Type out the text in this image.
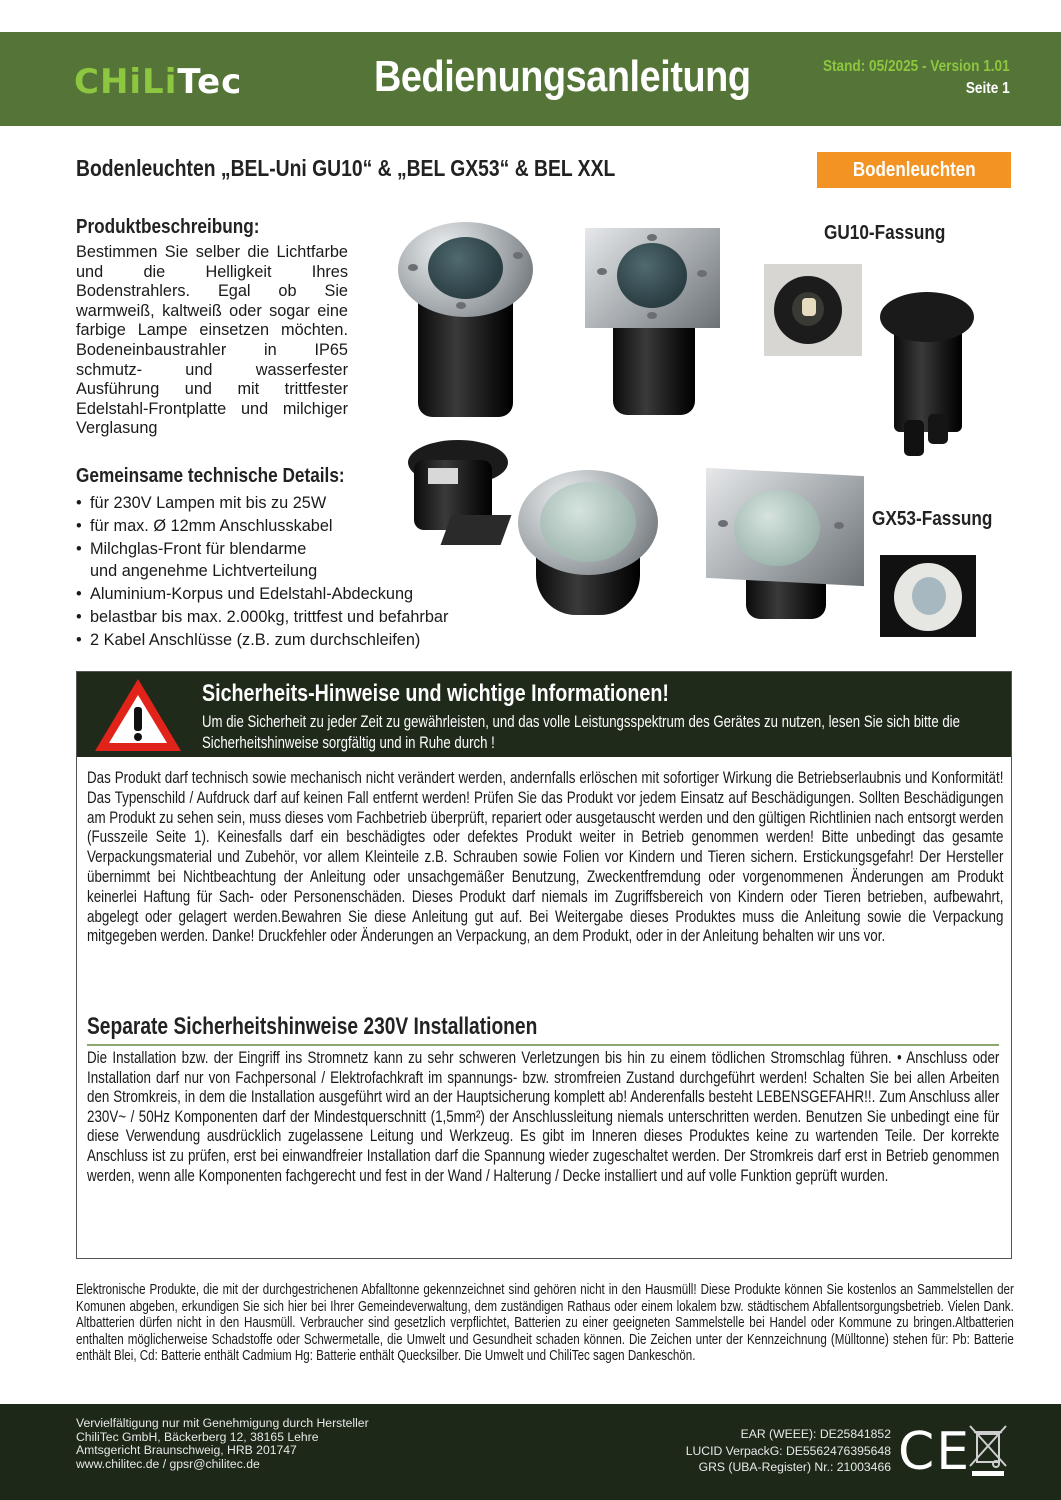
CHiLiTec	Bedienungsanleitung	Stand: 05/2025 - Version 1.01
Seite 1
Bodenleuchten „BEL-Uni GU10“ & „BEL GX53“ & BEL XXL	Bodenleuchten
Produktbeschreibung:
Bestimmen Sie selber die Lichtfarbe und die Helligkeit Ihres Bodenstrahlers. Egal ob Sie warmweiß, kaltweiß oder sogar eine farbige Lampe einsetzen möchten. Bodeneinbaustrahler in IP65 schmutz- und wasserfester Ausführung und mit trittfester Edelstahl-Frontplatte und milchiger Verglasung
Gemeinsame technische Details:
• für 230V Lampen mit bis zu 25W
• für max. Ø 12mm Anschlusskabel
• Milchglas-Front für blendarme
und angenehme Lichtverteilung
• Aluminium-Korpus und Edelstahl-Abdeckung
• belastbar bis max. 2.000kg, trittfest und befahrbar
• 2 Kabel Anschlüsse (z.B. zum durchschleifen)
GU10-Fassung
GX53-Fassung
Sicherheits-Hinweise und wichtige Informationen!
Um die Sicherheit zu jeder Zeit zu gewährleisten, und das volle Leistungsspektrum des Gerätes zu nutzen, lesen Sie sich bitte die Sicherheitshinweise sorgfältig und in Ruhe durch !
Das Produkt darf technisch sowie mechanisch nicht verändert werden, andernfalls erlöschen mit sofortiger Wirkung die Betriebserlaubnis und Konformität! Das Typenschild / Aufdruck darf auf keinen Fall entfernt werden! Prüfen Sie das Produkt vor jedem Einsatz auf Beschädigungen. Sollten Beschädigungen am Produkt zu sehen sein, muss dieses vom Fachbetrieb überprüft, repariert oder ausgetauscht werden und den gültigen Richtlinien nach entsorgt werden (Fusszeile Seite 1). Keinesfalls darf ein beschädigtes oder defektes Produkt weiter in Betrieb genommen werden! Bitte unbedingt das gesamte Verpackungsmaterial und Zubehör, vor allem Kleinteile z.B. Schrauben sowie Folien vor Kindern und Tieren sichern. Erstickungsgefahr! Der Hersteller übernimmt bei Nichtbeachtung der Anleitung oder unsachgemäßer Benutzung, Zweckentfremdung oder vorgenommenen Änderungen am Produkt keinerlei Haftung für Sach- oder Personenschäden. Dieses Produkt darf niemals im Zugriffsbereich von Kindern oder Tieren betrieben, aufbewahrt, abgelegt oder gelagert werden.Bewahren Sie diese Anleitung gut auf. Bei Weitergabe dieses Produktes muss die Anleitung sowie die Verpackung mitgegeben werden. Danke! Druckfehler oder Änderungen an Verpackung, an dem Produkt, oder in der Anleitung behalten wir uns vor.
Separate Sicherheitshinweise 230V Installationen
Die Installation bzw. der Eingriff ins Stromnetz kann zu sehr schweren Verletzungen bis hin zu einem tödlichen Stromschlag führen. • Anschluss oder Installation darf nur von Fachpersonal / Elektrofachkraft im spannungs- bzw. stromfreien Zustand durchgeführt werden! Schalten Sie bei allen Arbeiten den Stromkreis, in dem die Installation ausgeführt wird an der Hauptsicherung komplett ab! Anderenfalls besteht LEBENSGEFAHR!!. Zum Anschluss aller 230V~ / 50Hz Komponenten darf der Mindestquerschnitt (1,5mm²) der Anschlussleitung niemals unterschritten werden. Benutzen Sie unbedingt eine für diese Verwendung ausdrücklich zugelassene Leitung und Werkzeug. Es gibt im Inneren dieses Produktes keine zu wartenden Teile. Der korrekte Anschluss ist zu prüfen, erst bei einwandfreier Installation darf die Spannung wieder zugeschaltet werden. Der Stromkreis darf erst in Betrieb genommen werden, wenn alle Komponenten fachgerecht und fest in der Wand / Halterung / Decke installiert und auf volle Funktion geprüft wurden.
Elektronische Produkte, die mit der durchgestrichenen Abfalltonne gekennzeichnet sind gehören nicht in den Hausmüll! Diese Produkte können Sie kostenlos an Sammelstellen der Komunen abgeben, erkundigen Sie sich hier bei Ihrer Gemeindeverwaltung, dem zuständigen Rathaus oder einem lokalem bzw. städtischem Abfallentsorgungsbetrieb. Vielen Dank. Altbatterien dürfen nicht in den Hausmüll. Verbraucher sind gesetzlich verpflichtet, Batterien zu einer geeigneten Sammelstelle bei Handel oder Kommune zu bringen.Altbatterien enthalten möglicherweise Schadstoffe oder Schwermetalle, die Umwelt und Gesundheit schaden können. Die Zeichen unter der Kennzeichnung (Mülltonne) stehen für: Pb: Batterie enthält Blei, Cd: Batterie enthält Cadmium Hg: Batterie enthält Quecksilber. Die Umwelt und ChiliTec sagen Dankeschön.
Vervielfältigung nur mit Genehmigung durch Hersteller
ChiliTec GmbH, Bäckerberg 12, 38165 Lehre
Amtsgericht Braunschweig, HRB 201747
www.chilitec.de / gpsr@chilitec.de
EAR (WEEE): DE25841852
LUCID VerpackG: DE5562476395648
GRS (UBA-Register) Nr.: 21003466 CE
